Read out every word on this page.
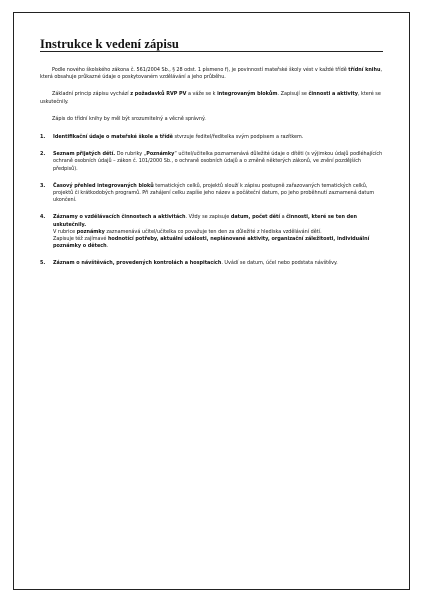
Instrukce k vedení zápisu

Podle nového školského zákona č. 561/2004 Sb., § 28 odst. 1 písmeno f), je povinností mateřské školy vést v každé třídě třídní knihu, která obsahuje průkazné údaje o poskytovaném vzdělávání a jeho průběhu.

Základní princip zápisu vychází z požadavků RVP PV a váže se k integrovaným blokům. Zapisují se činnosti a aktivity, které se uskutečnily.

Zápis do třídní knihy by měl být srozumitelný a věcně správný.

1. Identifikační údaje o mateřské škole a třídě stvrzuje ředitel/ředitelka svým podpisem a razítkem.
2. Seznam přijatých dětí. Do rubriky „Poznámky“ učitel/učitelka poznamenává důležité údaje o dítěti (s výjimkou údajů podléhajících ochraně osobních údajů – zákon č. 101/2000 Sb., o ochraně osobních údajů a o změně některých zákonů, ve znění pozdějších předpisů).
3. Časový přehled integrovaných bloků tematických celků, projektů slouží k zápisu postupně zařazovaných tematických celků, projektů či krátkodobých programů. Při zahájení celku zapíše jeho název a počáteční datum, po jeho proběhnutí zaznamená datum ukončení.
4. Záznamy o vzdělávacích činnostech a aktivitách. Vždy se zapisuje datum, počet dětí a činnosti, které se ten den uskutečnily.
V rubrice poznámky zaznamenává učitel/učitelka co považuje ten den za důležité z hlediska vzdělávání dětí.
Zapisuje též zajímavé hodnotící potřeby, aktuální události, neplánované aktivity, organizační záležitosti, individuální poznámky o dětech.
5. Záznam o návštěvách, provedených kontrolách a hospitacích. Uvádí se datum, účel nebo podstata návštěvy.
